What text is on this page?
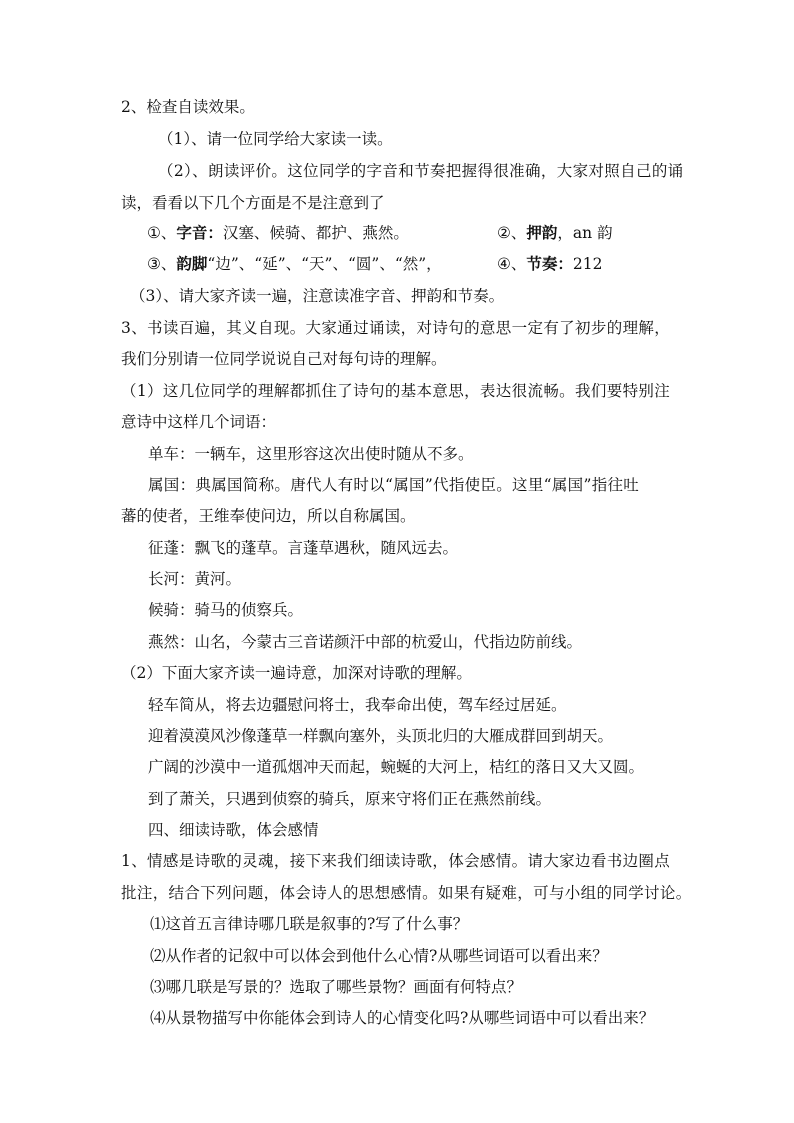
2、检查自读效果。
（1）、请一位同学给大家读一读。
（2）、朗读评价。这位同学的字音和节奏把握得很准确，大家对照自己的诵
读，看看以下几个方面是不是注意到了
①、字音：汉塞、候骑、都护、燕然。	②、押韵，an 韵
③、韵脚“边”、“延”、“天”、“圆”、“然”，	④、节奏：212
（3）、请大家齐读一遍，注意读准字音、押韵和节奏。
3、书读百遍，其义自现。大家通过诵读，对诗句的意思一定有了初步的理解，
我们分别请一位同学说说自己对每句诗的理解。
（1）这几位同学的理解都抓住了诗句的基本意思，表达很流畅。我们要特别注
意诗中这样几个词语：
单车：一辆车，这里形容这次出使时随从不多。
属国：典属国简称。唐代人有时以“属国”代指使臣。这里“属国”指往吐
蕃的使者，王维奉使问边，所以自称属国。
征蓬：飘飞的蓬草。言蓬草遇秋，随风远去。
长河：黄河。
候骑：骑马的侦察兵。
燕然：山名，今蒙古三音诺颜汗中部的杭爱山，代指边防前线。
（2）下面大家齐读一遍诗意，加深对诗歌的理解。
轻车简从，将去边疆慰问将士，我奉命出使，驾车经过居延。
迎着漠漠风沙像蓬草一样飘向塞外，头顶北归的大雁成群回到胡天。
广阔的沙漠中一道孤烟冲天而起，蜿蜒的大河上，桔红的落日又大又圆。
到了萧关，只遇到侦察的骑兵，原来守将们正在燕然前线。
四、细读诗歌，体会感情
1、情感是诗歌的灵魂，接下来我们细读诗歌，体会感情。请大家边看书边圈点
批注，结合下列问题，体会诗人的思想感情。如果有疑难，可与小组的同学讨论。
⑴这首五言律诗哪几联是叙事的?写了什么事？
⑵从作者的记叙中可以体会到他什么心情?从哪些词语可以看出来？
⑶哪几联是写景的？选取了哪些景物？画面有何特点？
⑷从景物描写中你能体会到诗人的心情变化吗?从哪些词语中可以看出来？
